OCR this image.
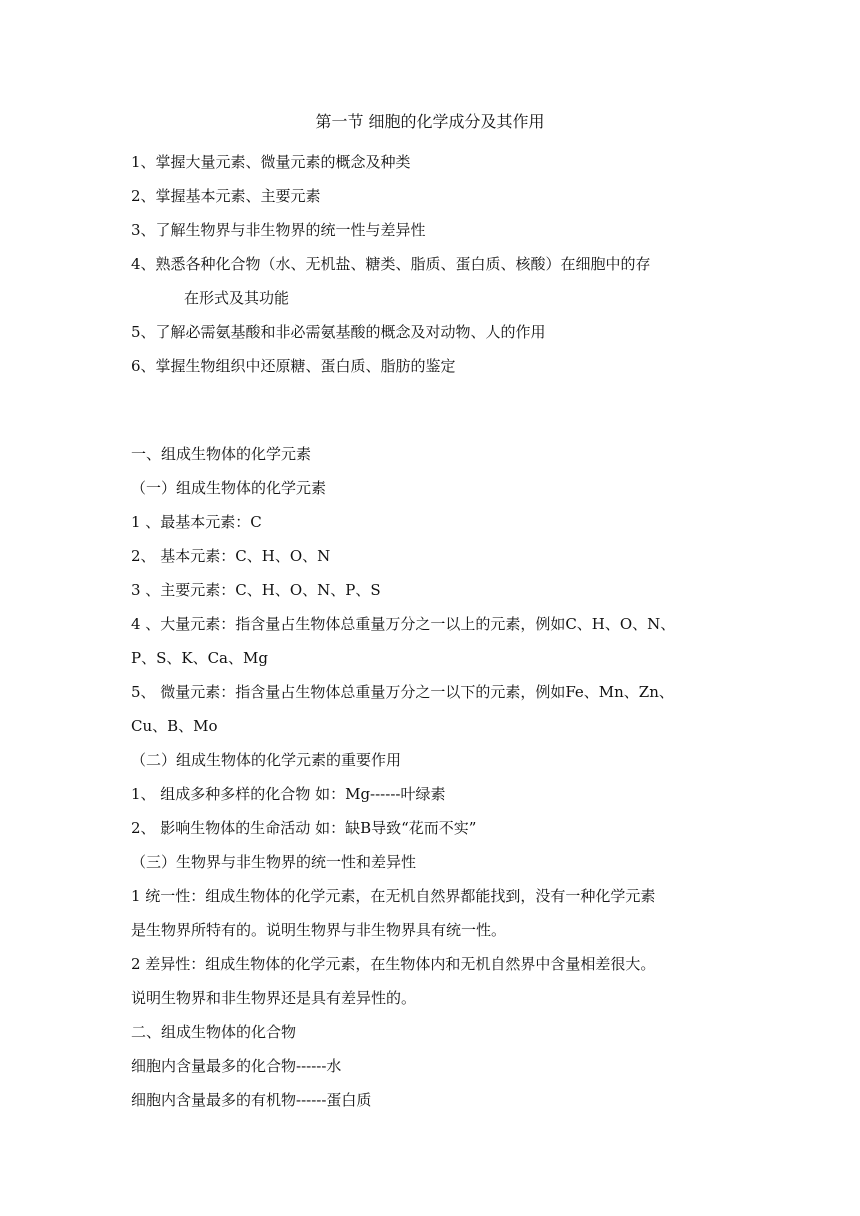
第一节 细胞的化学成分及其作用
1、掌握大量元素、微量元素的概念及种类
2、掌握基本元素、主要元素
3、了解生物界与非生物界的统一性与差异性
4、熟悉各种化合物（水、无机盐、糖类、脂质、蛋白质、核酸）在细胞中的存
在形式及其功能
5、了解必需氨基酸和非必需氨基酸的概念及对动物、人的作用
6、掌握生物组织中还原糖、蛋白质、脂肪的鉴定
一、组成生物体的化学元素
（一）组成生物体的化学元素
1 、最基本元素：C
2、 基本元素：C、H、O、N
3 、主要元素：C、H、O、N、P、S
4 、大量元素：指含量占生物体总重量万分之一以上的元素，例如C、H、O、N、
P、S、K、Ca、Mg
5、 微量元素：指含量占生物体总重量万分之一以下的元素，例如Fe、Mn、Zn、
Cu、B、Mo
（二）组成生物体的化学元素的重要作用
1、 组成多种多样的化合物 如：Mg------叶绿素
2、 影响生物体的生命活动 如：缺B导致“花而不实”
（三）生物界与非生物界的统一性和差异性
1 统一性：组成生物体的化学元素，在无机自然界都能找到，没有一种化学元素
是生物界所特有的。说明生物界与非生物界具有统一性。
2 差异性：组成生物体的化学元素，在生物体内和无机自然界中含量相差很大。
说明生物界和非生物界还是具有差异性的。
二、组成生物体的化合物
细胞内含量最多的化合物------水
细胞内含量最多的有机物------蛋白质
